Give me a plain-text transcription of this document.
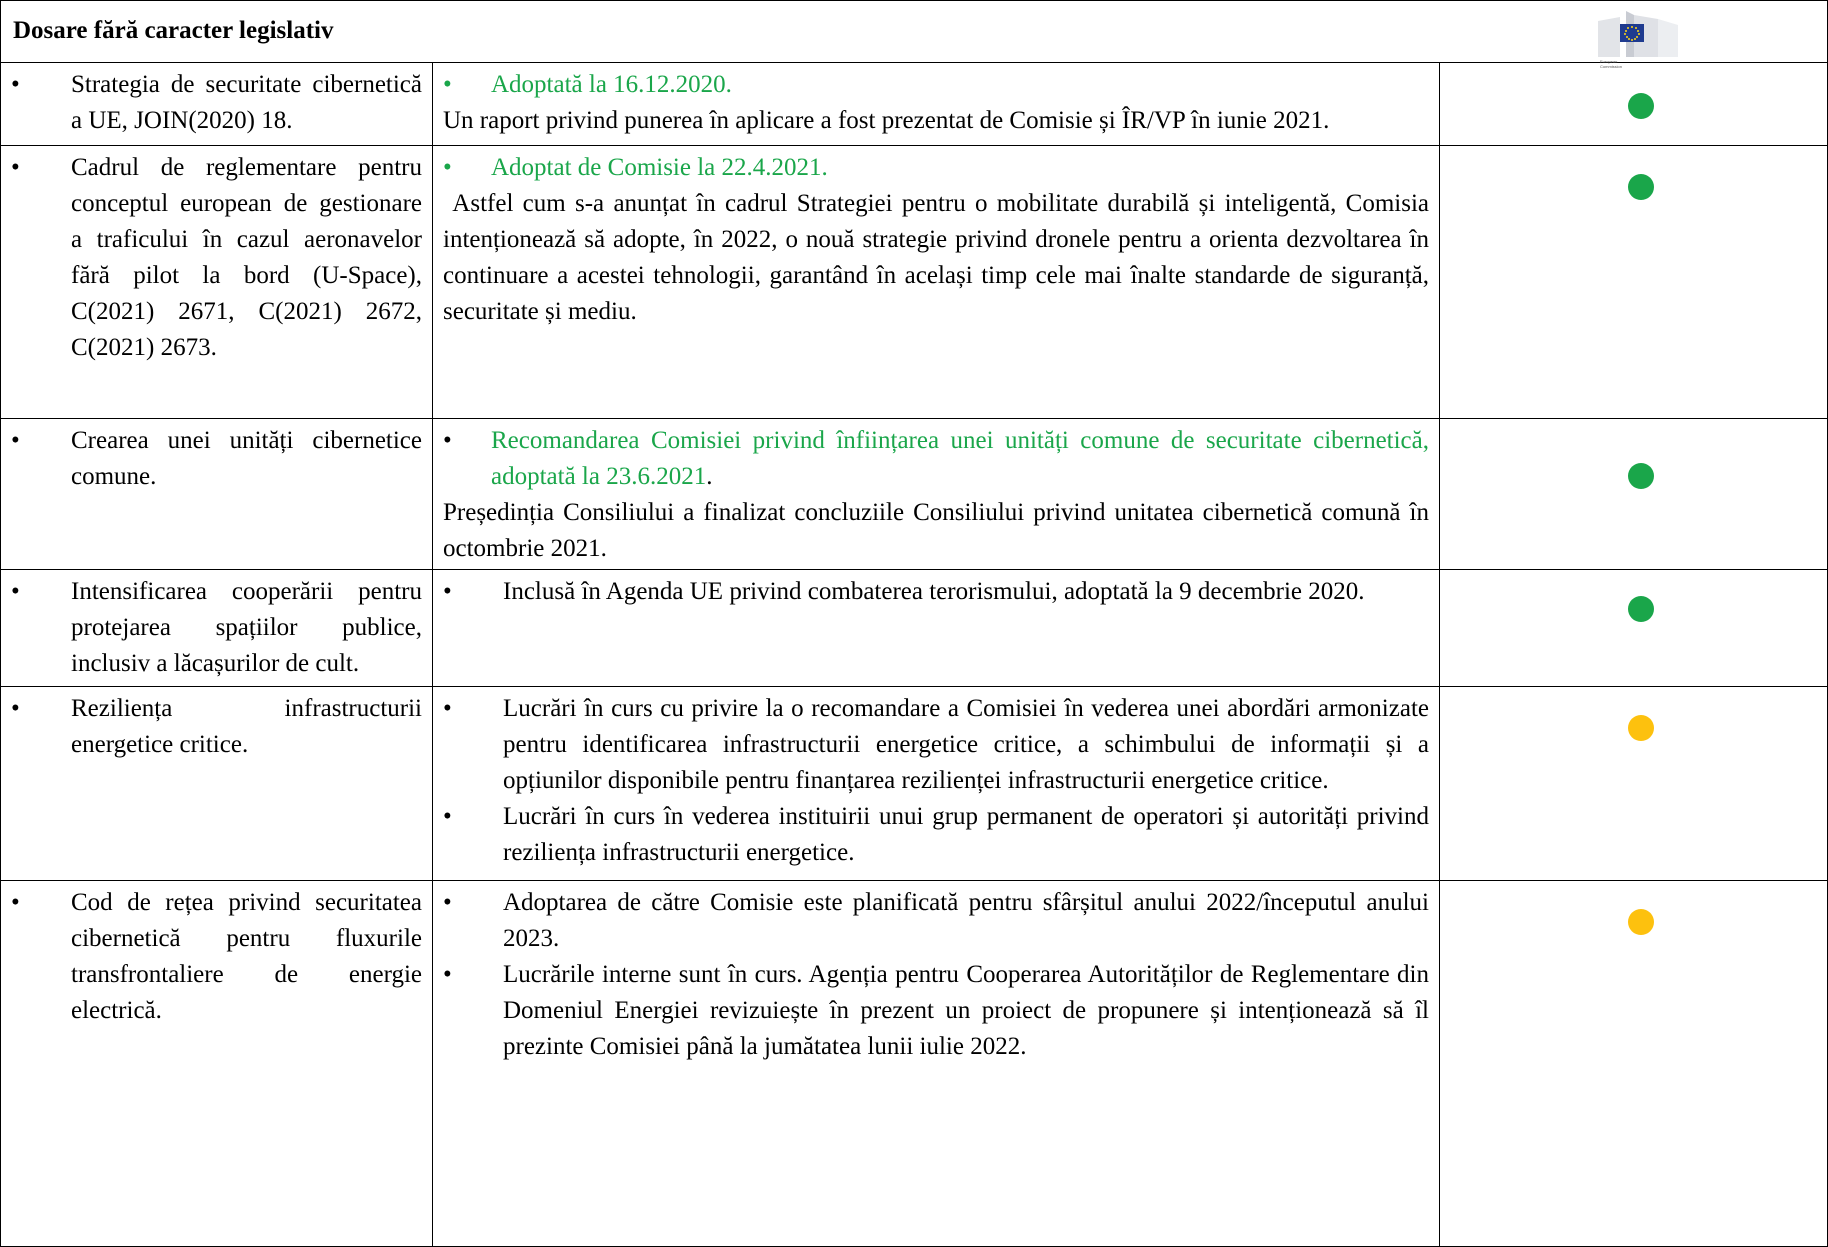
Dosare fără caracter legislativ
European
Commission		

• Strategia de securitate cibernetică a UE, JOIN(2020) 18.	• Adoptată la 16.12.2020.
Un raport privind punerea în aplicare a fost prezentat de Comisie și ÎR/VP în iunie 2021.

• Cadrul de reglementare pentru conceptul european de gestionare a traficului în cazul aeronavelor fără pilot la bord (U-Space), C(2021) 2671, C(2021) 2672, C(2021) 2673.	• Adoptat de Comisie la 22.4.2021.
Astfel cum s-a anunțat în cadrul Strategiei pentru o mobilitate durabilă și inteligentă, Comisia intenționează să adopte, în 2022, o nouă strategie privind dronele pentru a orienta dezvoltarea în continuare a acestei tehnologii, garantând în același timp cele mai înalte standarde de siguranță, securitate și mediu.

• Crearea unei unități cibernetice comune.	• Recomandarea Comisiei privind înființarea unei unități comune de securitate cibernetică, adoptată la 23.6.2021.
Președinția Consiliului a finalizat concluziile Consiliului privind unitatea cibernetică comună în octombrie 2021.

• Intensificarea cooperării pentru protejarea spațiilor publice, inclusiv a lăcașurilor de cult.	• Inclusă în Agenda UE privind combaterea terorismului, adoptată la 9 decembrie 2020.

• Reziliența infrastructurii energetice critice.	• Lucrări în curs cu privire la o recomandare a Comisiei în vederea unei abordări armonizate pentru identificarea infrastructurii energetice critice, a schimbului de informații și a opțiunilor disponibile pentru finanțarea rezilienței infrastructurii energetice critice.
• Lucrări în curs în vederea instituirii unui grup permanent de operatori și autorități privind reziliența infrastructurii energetice.

• Cod de rețea privind securitatea cibernetică pentru fluxurile transfrontaliere de energie electrică.	• Adoptarea de către Comisie este planificată pentru sfârșitul anului 2022/începutul anului 2023.
• Lucrările interne sunt în curs. Agenția pentru Cooperarea Autorităților de Reglementare din Domeniul Energiei revizuiește în prezent un proiect de propunere și intenționează să îl prezinte Comisiei până la jumătatea lunii iulie 2022.
